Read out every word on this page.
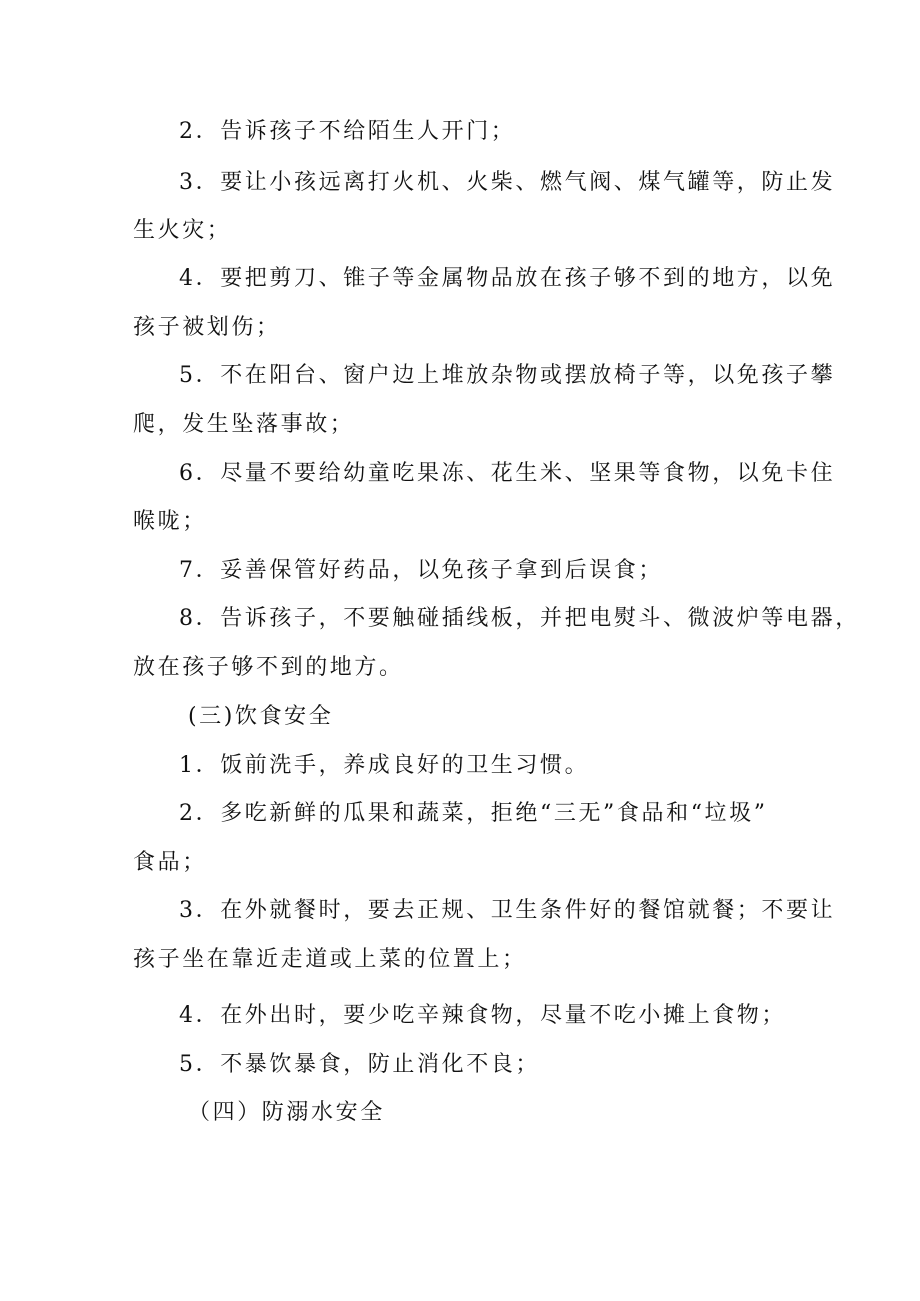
2．告诉孩子不给陌生人开门；
3．要让小孩远离打火机、火柴、燃气阀、煤气罐等，防止发
生火灾；
4．要把剪刀、锥子等金属物品放在孩子够不到的地方，以免
孩子被划伤；
5．不在阳台、窗户边上堆放杂物或摆放椅子等，以免孩子攀
爬，发生坠落事故；
6．尽量不要给幼童吃果冻、花生米、坚果等食物，以免卡住
喉咙；
7．妥善保管好药品，以免孩子拿到后误食；
8．告诉孩子，不要触碰插线板，并把电熨斗、微波炉等电器，
放在孩子够不到的地方。
(三)饮食安全
1．饭前洗手，养成良好的卫生习惯。
2．多吃新鲜的瓜果和蔬菜，拒绝“三无”食品和“垃圾”
食品；
3．在外就餐时，要去正规、卫生条件好的餐馆就餐；不要让
孩子坐在靠近走道或上菜的位置上；
4．在外出时，要少吃辛辣食物，尽量不吃小摊上食物；
5．不暴饮暴食，防止消化不良；
（四）防溺水安全
